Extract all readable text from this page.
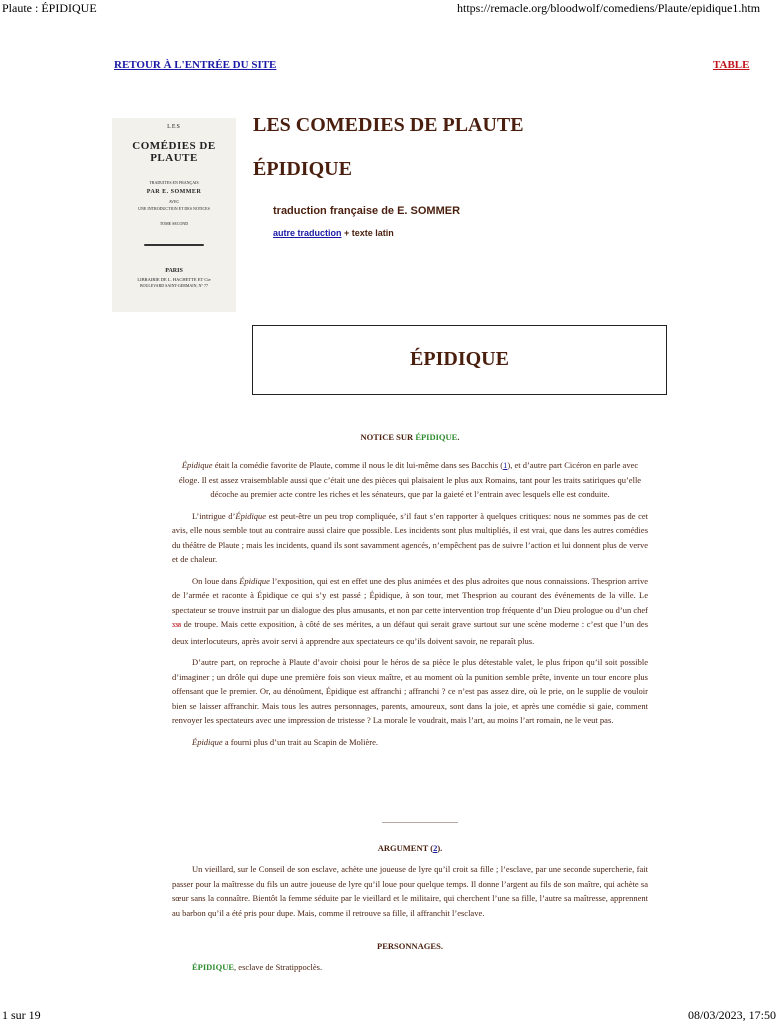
Plaute : ÉPIDIQUE	https://remacle.org/bloodwolf/comediens/Plaute/epidique1.htm
RETOUR À L'ENTRÉE DU SITE	TABLE
LES
COMÉDIES DE PLAUTE
TRADUITES EN FRANÇAIS
PAR E. SOMMER
AVEC
UNE INTRODUCTION ET DES NOTICES
TOME SECOND
PARIS
LIBRAIRIE DE L. HACHETTE ET Cie
BOULEVARD SAINT-GERMAIN, N° 77
LES COMEDIES DE PLAUTE
ÉPIDIQUE
traduction française de E. SOMMER
autre traduction + texte latin
ÉPIDIQUE
NOTICE SUR ÉPIDIQUE.

Épidique était la comédie favorite de Plaute, comme il nous le dit lui-même dans ses Bacchis (1), et d’autre part Cicéron en parle avec éloge. Il est assez vraisemblable aussi que c’était une des pièces qui plaisaient le plus aux Romains, tant pour les traits satiriques qu’elle décoche au premier acte contre les riches et les sénateurs, que par la gaieté et l’entrain avec lesquels elle est conduite.

L’intrigue d’Épidique est peut-être un peu trop compliquée, s’il faut s’en rapporter à quelques critiques: nous ne sommes pas de cet avis, elle nous semble tout au contraire aussi claire que possible. Les incidents sont plus multipliés, il est vrai, que dans les autres comédies du théâtre de Plaute ; mais les incidents, quand ils sont savamment agencés, n’empêchent pas de suivre l’action et lui donnent plus de verve et de chaleur.

On loue dans Épidique l’exposition, qui est en effet une des plus animées et des plus adroites que nous connaissions. Thesprion arrive de l’armée et raconte à Épidique ce qui s’y est passé ; Épidique, à son tour, met Thesprion au courant des événements de la ville. Le spectateur se trouve instruit par un dialogue des plus amusants, et non par cette intervention trop fréquente d’un Dieu prologue ou d’un chef 338 de troupe. Mais cette exposition, à côté de ses mérites, a un défaut qui serait grave surtout sur une scène moderne : c’est que l’un des deux interlocuteurs, après avoir servi à apprendre aux spectateurs ce qu’ils doivent savoir, ne reparaît plus.

D’autre part, on reproche à Plaute d’avoir choisi pour le héros de sa pièce le plus détestable valet, le plus fripon qu’il soit possible d’imaginer ; un drôle qui dupe une première fois son vieux maître, et au moment où la punition semble prête, invente un tour encore plus offensant que le premier. Or, au dénoûment, Épidique est affranchi ; affranchi ? ce n’est pas assez dire, où le prie, on le supplie de vouloir bien se laisser affranchir. Mais tous les autres personnages, parents, amoureux, sont dans la joie, et après une comédie si gaie, comment renvoyer les spectateurs avec une impression de tristesse ? La morale le voudrait, mais l’art, au moins l’art romain, ne le veut pas.

Épidique a fourni plus d’un trait au Scapin de Molière.

ARGUMENT (2).

Un vieillard, sur le Conseil de son esclave, achète une joueuse de lyre qu’il croit sa fille ; l’esclave, par une seconde supercherie, fait passer pour la maîtresse du fils un autre joueuse de lyre qu’il loue pour quelque temps. Il donne l’argent au fils de son maître, qui achète sa sœur sans la connaître. Bientôt la femme séduite par le vieillard et le militaire, qui cherchent l’une sa fille, l’autre sa maîtresse, apprennent au barbon qu’il a été pris pour dupe. Mais, comme il retrouve sa fille, il affranchit l’esclave.

PERSONNAGES.
ÉPIDIQUE, esclave de Stratippoclès.
1 sur 19	08/03/2023, 17:50
